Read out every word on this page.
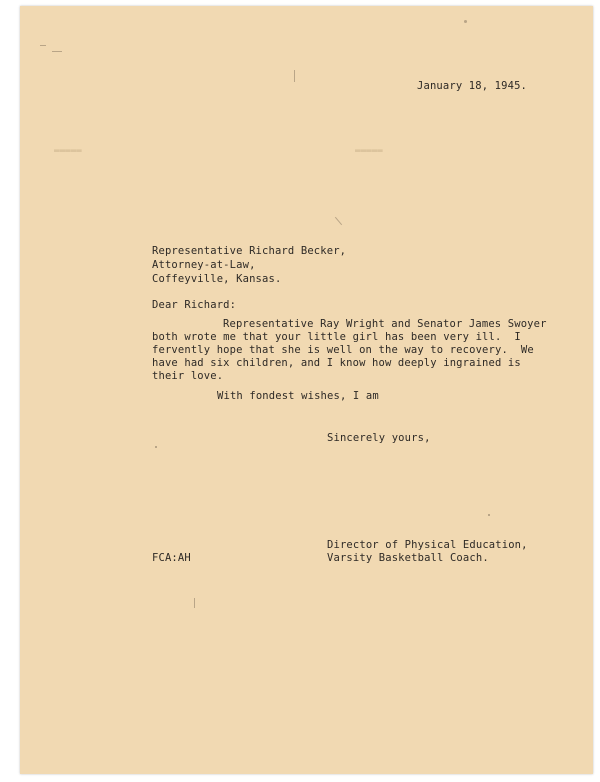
▬▬▬▬▬	▬▬▬▬▬
January 18, 1945.
Representative Richard Becker,
Attorney-at-Law,
Coffeyville, Kansas.
Dear Richard:
Representative Ray Wright and Senator James Swoyer
both wrote me that your little girl has been very ill.  I
fervently hope that she is well on the way to recovery.  We
have had six children, and I know how deeply ingrained is
their love.
With fondest wishes, I am
Sincerely yours,
Director of Physical Education,
Varsity Basketball Coach.
FCA:AH
